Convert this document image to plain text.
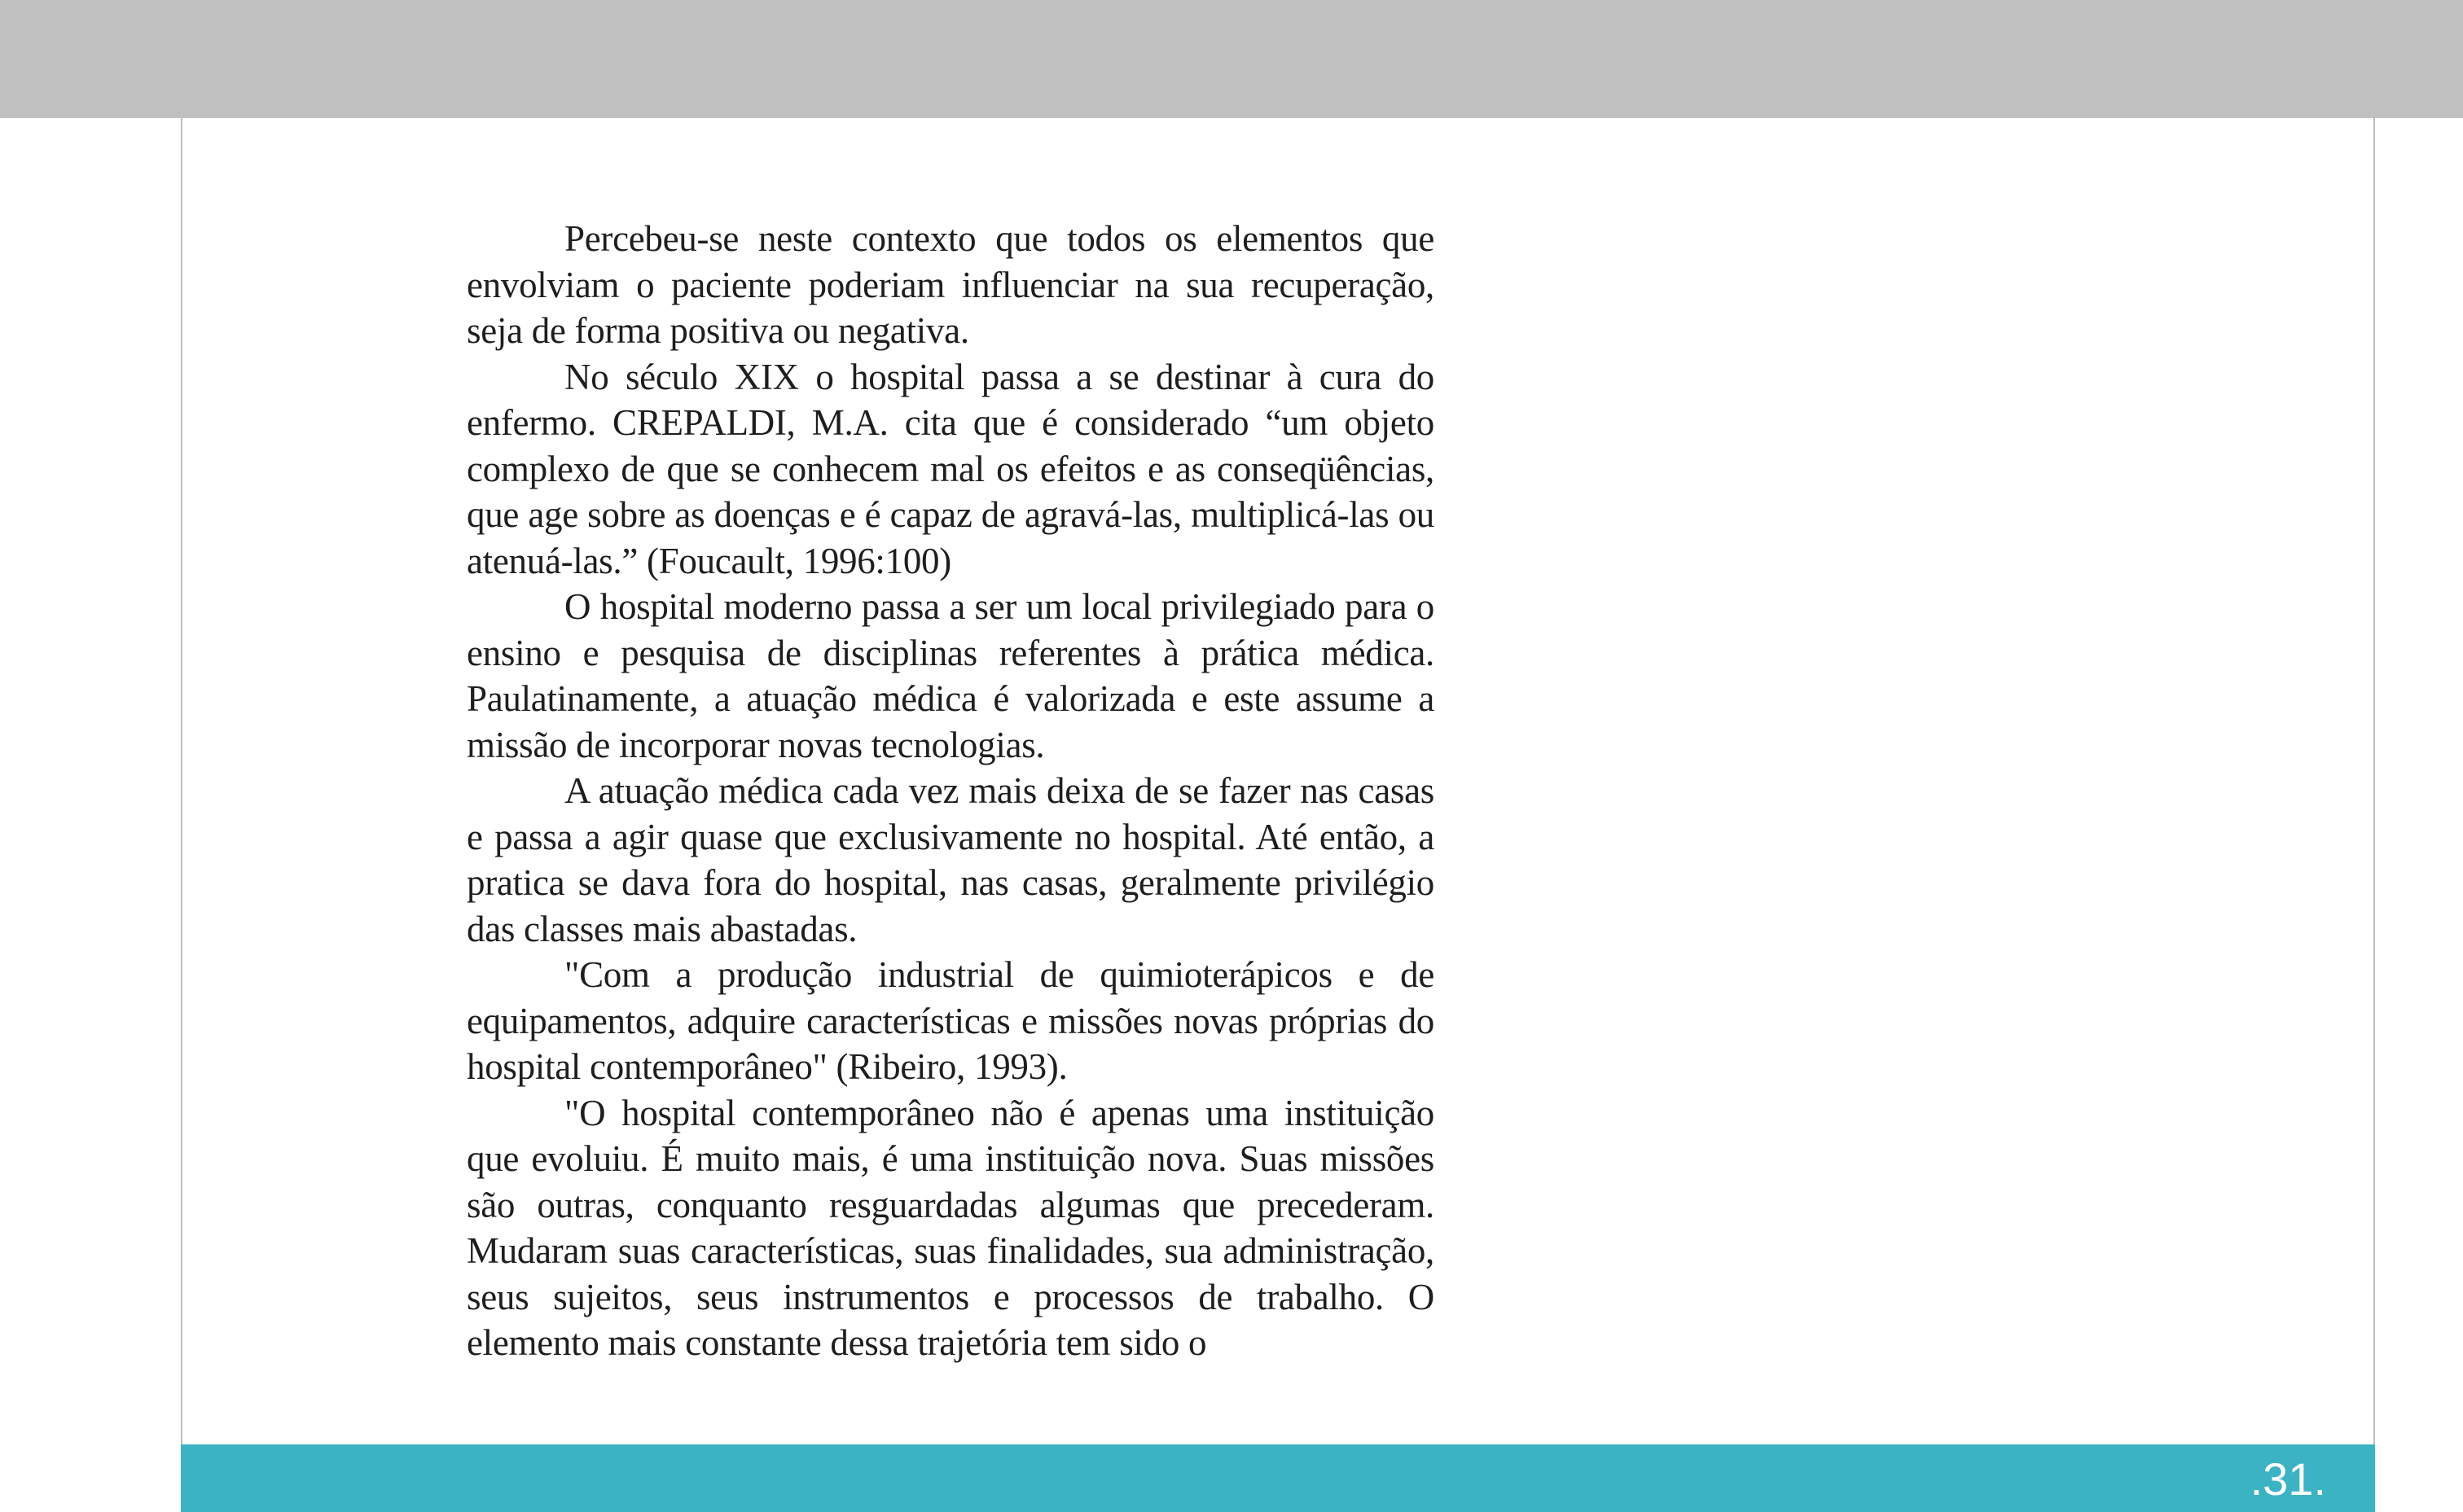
Percebeu-se neste contexto que todos os elementos que envolviam o paciente poderiam influenciar na sua recuperação, seja de forma positiva ou negativa.

No século XIX o hospital passa a se destinar à cura do enfermo. CREPALDI, M.A. cita que é considerado “um objeto complexo de que se conhecem mal os efeitos e as conseqüências, que age sobre as doenças e é capaz de agravá-las, multiplicá-las ou atenuá-las.” (Foucault, 1996:100)

O hospital moderno passa a ser um local privilegiado para o ensino e pesquisa de disciplinas referentes à prática médica. Paulatinamente, a atuação médica é valorizada e este assume a missão de incorporar novas tecnologias.

A atuação médica cada vez mais deixa de se fazer nas casas e passa a agir quase que exclusivamente no hospital. Até então, a pratica se dava fora do hospital, nas casas, geralmente privilégio das classes mais abastadas.

"Com a produção industrial de quimioterápicos e de equipamentos, adquire características e missões novas próprias do hospital contemporâneo" (Ribeiro, 1993).

"O hospital contemporâneo não é apenas uma instituição que evoluiu. É muito mais, é uma instituição nova. Suas missões são outras, conquanto resguardadas algumas que precederam. Mudaram suas características, suas finalidades, sua administração, seus sujeitos, seus instrumentos e processos de trabalho. O elemento mais constante dessa trajetória tem sido o

.31.
